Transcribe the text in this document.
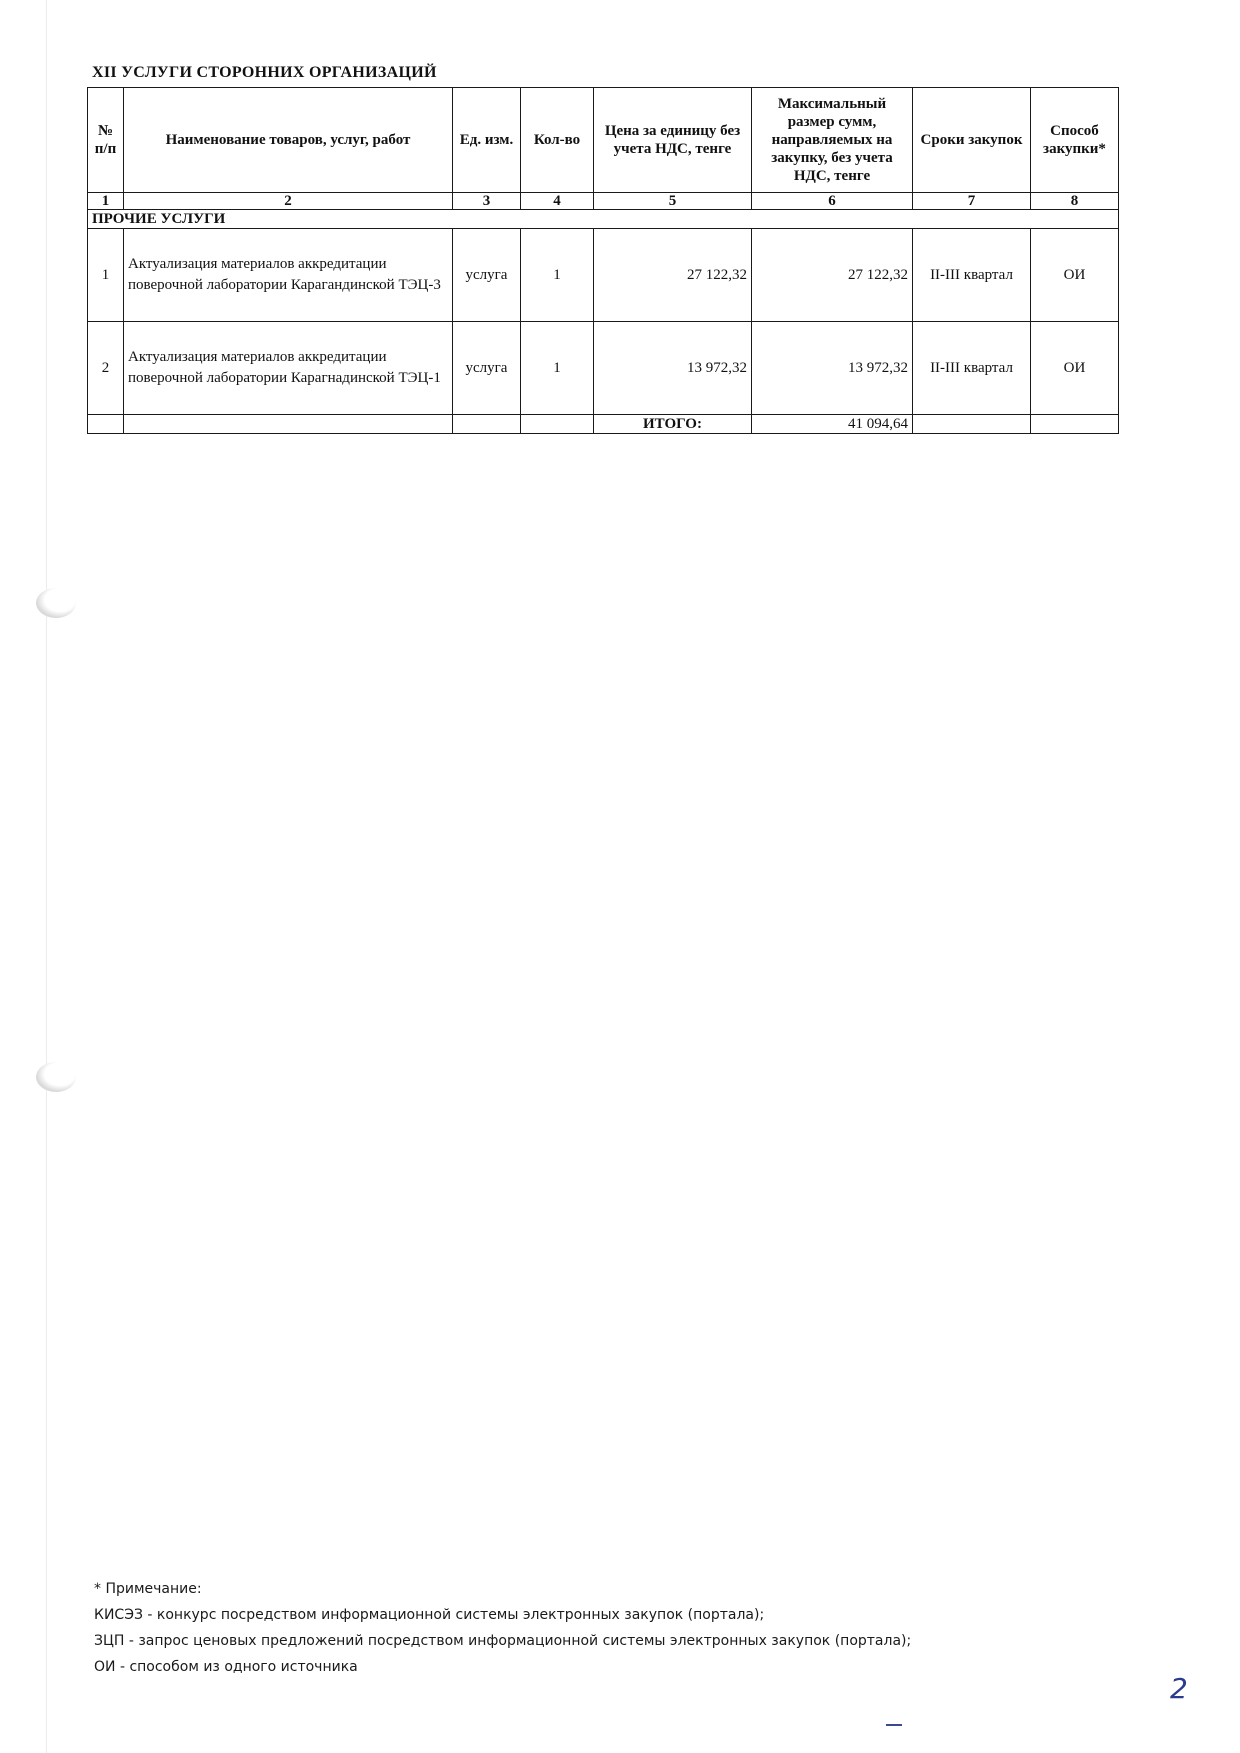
XII УСЛУГИ СТОРОННИХ ОРГАНИЗАЦИЙ
№ п/п	Наименование товаров, услуг, работ	Ед. изм.	Кол-во	Цена за единицу без учета НДС, тенге	Максимальный размер сумм, направляемых на закупку, без учета НДС, тенге	Сроки закупок	Способ закупки*
1	2	3	4	5	6	7	8
ПРОЧИЕ УСЛУГИ							
1	Актуализация материалов аккредитации поверочной лаборатории Карагандинской ТЭЦ-3	услуга	1	27 122,32	27 122,32	II-III квартал	ОИ
2	Актуализация материалов аккредитации поверочной лаборатории Карагнадинской ТЭЦ-1	услуга	1	13 972,32	13 972,32	II-III квартал	ОИ
				ИТОГО:	41 094,64		
* Примечание:
КИСЭЗ - конкурс посредством информационной системы электронных закупок (портала);
ЗЦП - запрос ценовых предложений посредством информационной системы электронных закупок (портала);
ОИ - способом из одного источника
2
